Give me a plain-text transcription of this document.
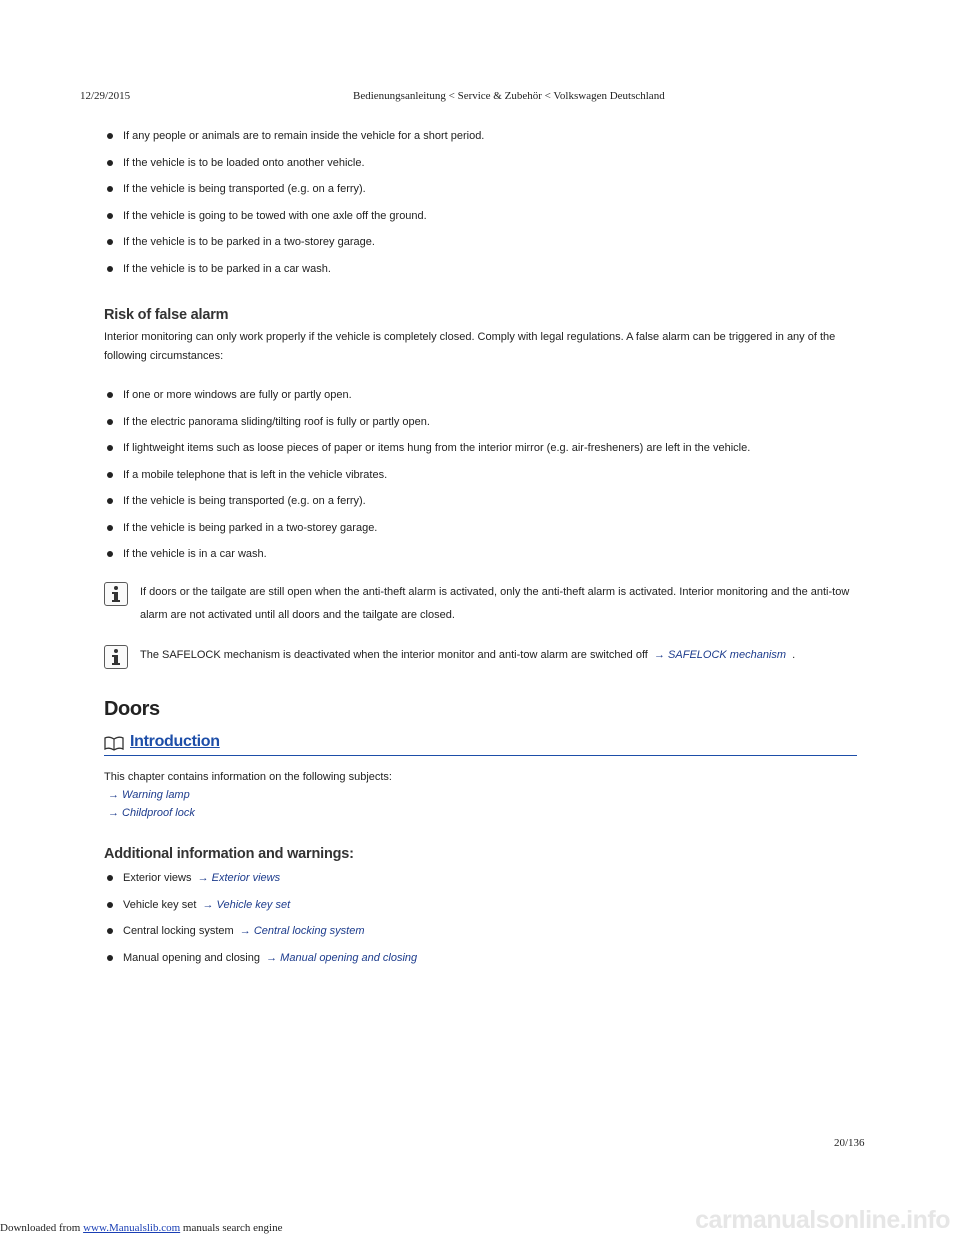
12/29/2015	Bedienungsanleitung < Service & Zubehör < Volkswagen Deutschland
If any people or animals are to remain inside the vehicle for a short period.
If the vehicle is to be loaded onto another vehicle.
If the vehicle is being transported (e.g. on a ferry).
If the vehicle is going to be towed with one axle off the ground.
If the vehicle is to be parked in a two-storey garage.
If the vehicle is to be parked in a car wash.
Risk of false alarm
Interior monitoring can only work properly if the vehicle is completely closed. Comply with legal regulations. A false alarm can be triggered in any of the following circumstances:
If one or more windows are fully or partly open.
If the electric panorama sliding/tilting roof is fully or partly open.
If lightweight items such as loose pieces of paper or items hung from the interior mirror (e.g. air-fresheners) are left in the vehicle.
If a mobile telephone that is left in the vehicle vibrates.
If the vehicle is being transported (e.g. on a ferry).
If the vehicle is being parked in a two-storey garage.
If the vehicle is in a car wash.
If doors or the tailgate are still open when the anti-theft alarm is activated, only the anti-theft alarm is activated. Interior monitoring and the anti-tow alarm are not activated until all doors and the tailgate are closed.
The SAFELOCK mechanism is deactivated when the interior monitor and anti-tow alarm are switched off → SAFELOCK mechanism .
Doors
Introduction
This chapter contains information on the following subjects:
→ Warning lamp
→ Childproof lock
Additional information and warnings:
Exterior views → Exterior views
Vehicle key set → Vehicle key set
Central locking system → Central locking system
Manual opening and closing → Manual opening and closing
20/136
Downloaded from www.Manualslib.com manuals search engine	carmanualsonline.info
